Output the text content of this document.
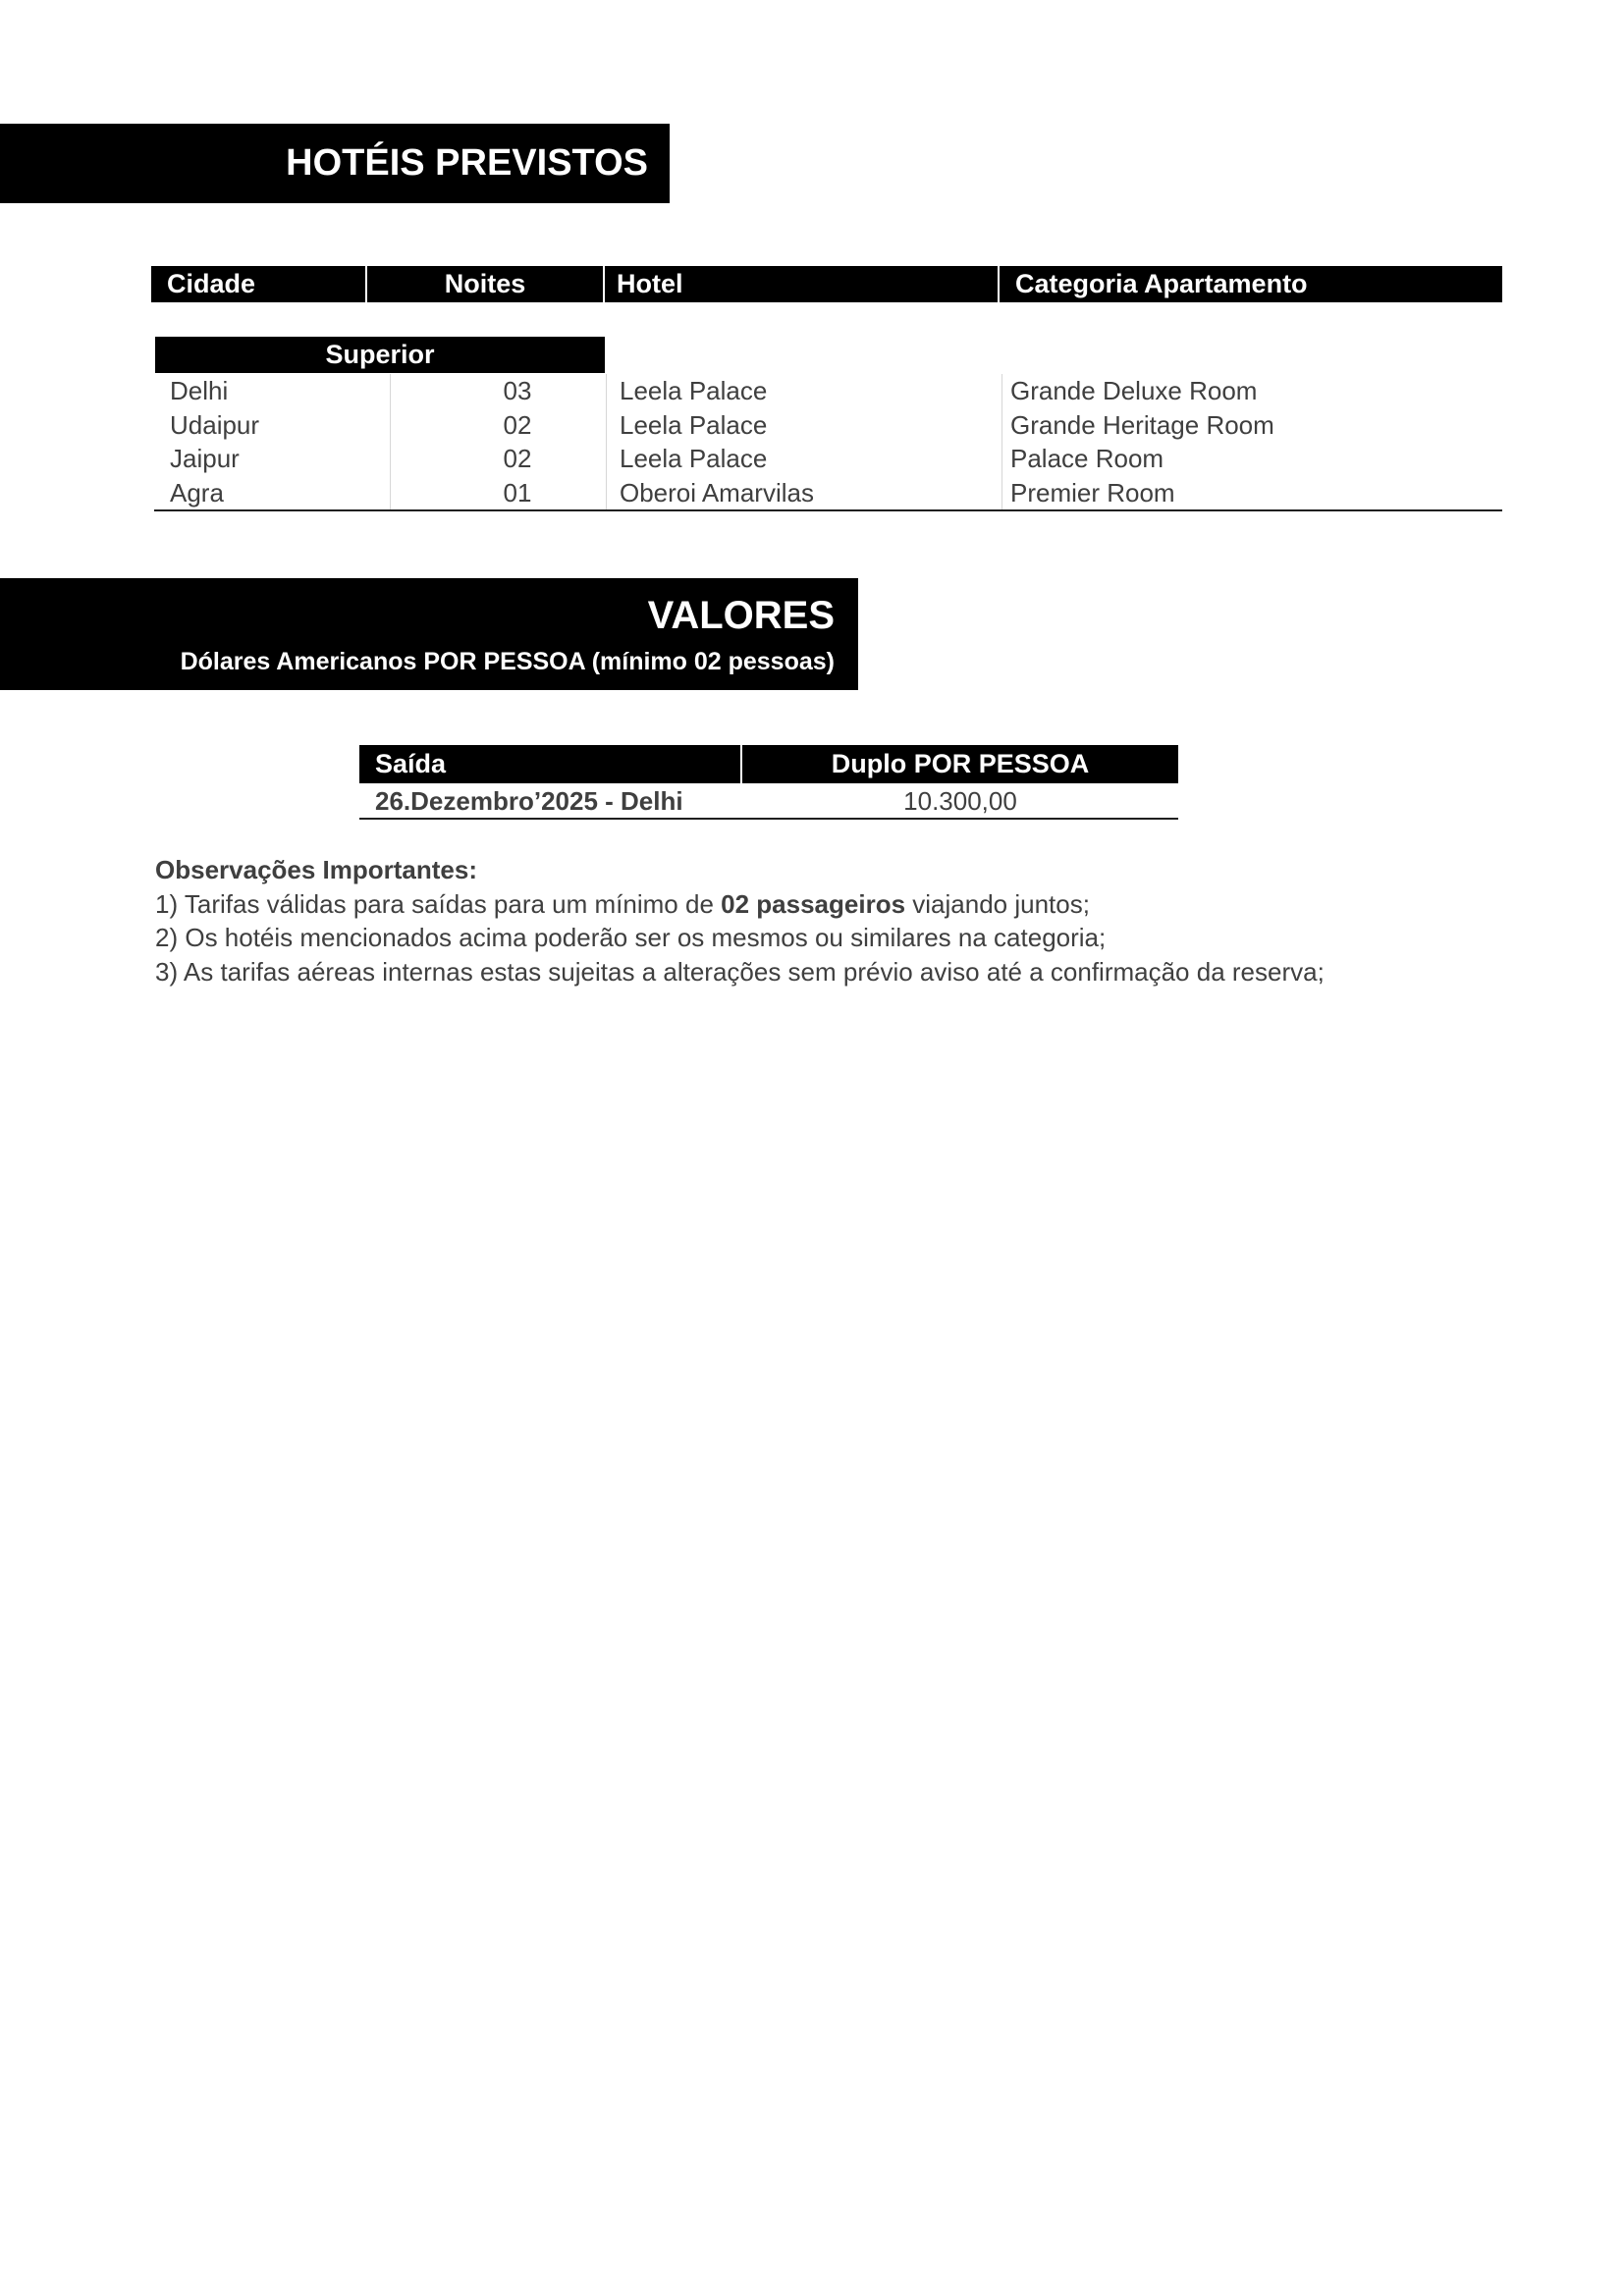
HOTÉIS PREVISTOS
Cidade	Noites	Hotel	Categoria Apartamento
Superior
Delhi	03	Leela Palace	Grande Deluxe Room
Udaipur	02	Leela Palace	Grande Heritage Room
Jaipur	02	Leela Palace	Palace Room
Agra	01	Oberoi Amarvilas	Premier Room
VALORES
Dólares Americanos POR PESSOA (mínimo 02 pessoas)
Saída	Duplo POR PESSOA
26.Dezembro’2025 - Delhi	10.300,00

Observações Importantes:

1) Tarifas válidas para saídas para um mínimo de 02 passageiros viajando juntos;

2) Os hotéis mencionados acima poderão ser os mesmos ou similares na categoria;

3) As tarifas aéreas internas estas sujeitas a alterações sem prévio aviso até a confirmação da reserva;
